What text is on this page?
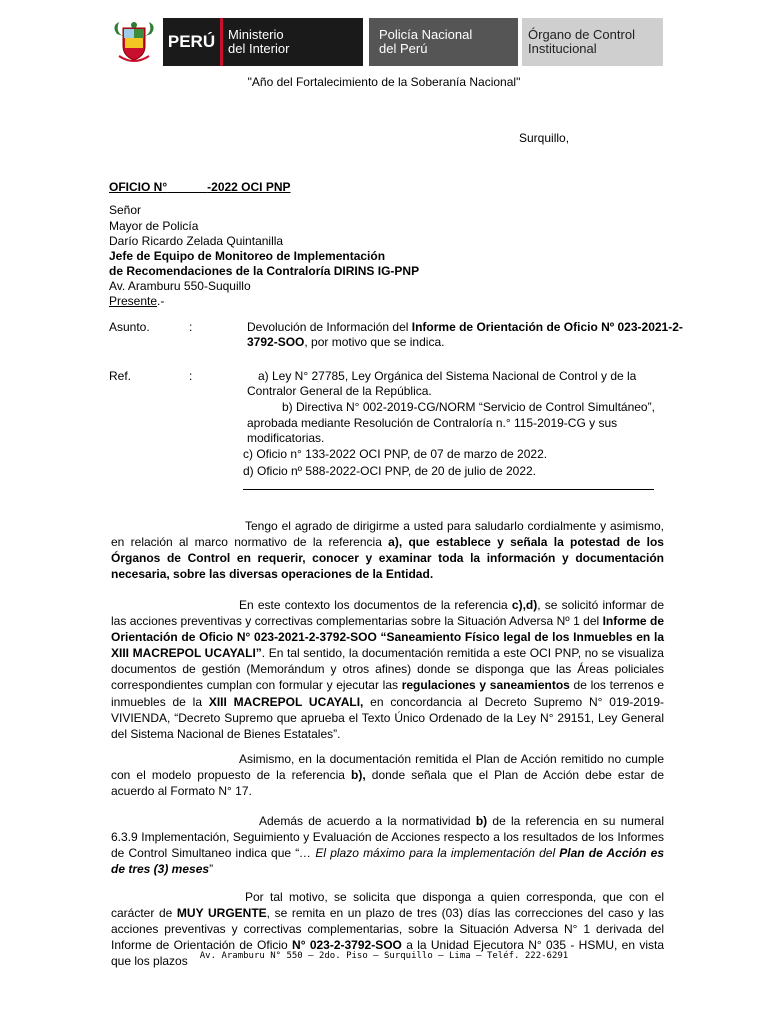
PERÚ Ministerio
del Interior
Policía Nacional
del Perú
Órgano de Control
Institucional
"Año del Fortalecimiento de la Soberanía Nacional"
Surquillo,
OFICIO N°	-2022 OCI PNP
Señor
Mayor de Policía
Darío Ricardo Zelada Quintanilla
Jefe de Equipo de Monitoreo de Implementación
de Recomendaciones de la Contraloría DIRINS IG-PNP
Av. Aramburu 550-Suquillo
Presente.-
Asunto.	:	Devolución de Información del Informe de Orientación de Oficio Nº 023-2021-2-
3792-SOO, por motivo que se indica.
Ref.	:	a) Ley N° 27785, Ley Orgánica del Sistema Nacional de Control y de la
Contralor General de la República.
b) Directiva N° 002-2019-CG/NORM “Servicio de Control Simultáneo”,
aprobada mediante Resolución de Contraloría n.° 115-2019-CG y sus
modificatorias.
c) Oficio n° 133-2022 OCI PNP, de 07 de marzo de 2022.
d) Oficio nº 588-2022-OCI PNP, de 20 de julio de 2022.
Tengo el agrado de dirigirme a usted para saludarlo cordialmente y asimismo, en relación al marco normativo de la referencia a), que establece y señala la potestad de los Órganos de Control en requerir, conocer y examinar toda la información y documentación necesaria, sobre las diversas operaciones de la Entidad.
En este contexto los documentos de la referencia c),d), se solicitó informar de las acciones preventivas y correctivas complementarias sobre la Situación Adversa Nº 1 del Informe de Orientación de Oficio N° 023-2021-2-3792-SOO “Saneamiento Físico legal de los Inmuebles en la XIII MACREPOL UCAYALI”. En tal sentido, la documentación remitida a este OCI PNP, no se visualiza documentos de gestión (Memorándum y otros afines) donde se disponga que las Áreas policiales correspondientes cumplan con formular y ejecutar las regulaciones y saneamientos de los terrenos e inmuebles de la XIII MACREPOL UCAYALI, en concordancia al Decreto Supremo N° 019-2019-VIVIENDA, “Decreto Supremo que aprueba el Texto Único Ordenado de la Ley N° 29151, Ley General del Sistema Nacional de Bienes Estatales”.
Asimismo, en la documentación remitida el Plan de Acción remitido no cumple con el modelo propuesto de la referencia b), donde señala que el Plan de Acción debe estar de acuerdo al Formato N° 17.
Además de acuerdo a la normatividad b) de la referencia en su numeral 6.3.9 Implementación, Seguimiento y Evaluación de Acciones respecto a los resultados de los Informes de Control Simultaneo indica que “… El plazo máximo para la implementación del Plan de Acción es de tres (3) meses”
Por tal motivo, se solicita que disponga a quien corresponda, que con el carácter de MUY URGENTE, se remita en un plazo de tres (03) días las correcciones del caso y las acciones preventivas y correctivas complementarias, sobre la Situación Adversa N° 1 derivada del Informe de Orientación de Oficio N° 023-2-3792-SOO a la Unidad Ejecutora N° 035 - HSMU, en vista que los plazos	Av. Aramburu N° 550 – 2do. Piso – Surquillo – Lima – Teléf. 222-6291
